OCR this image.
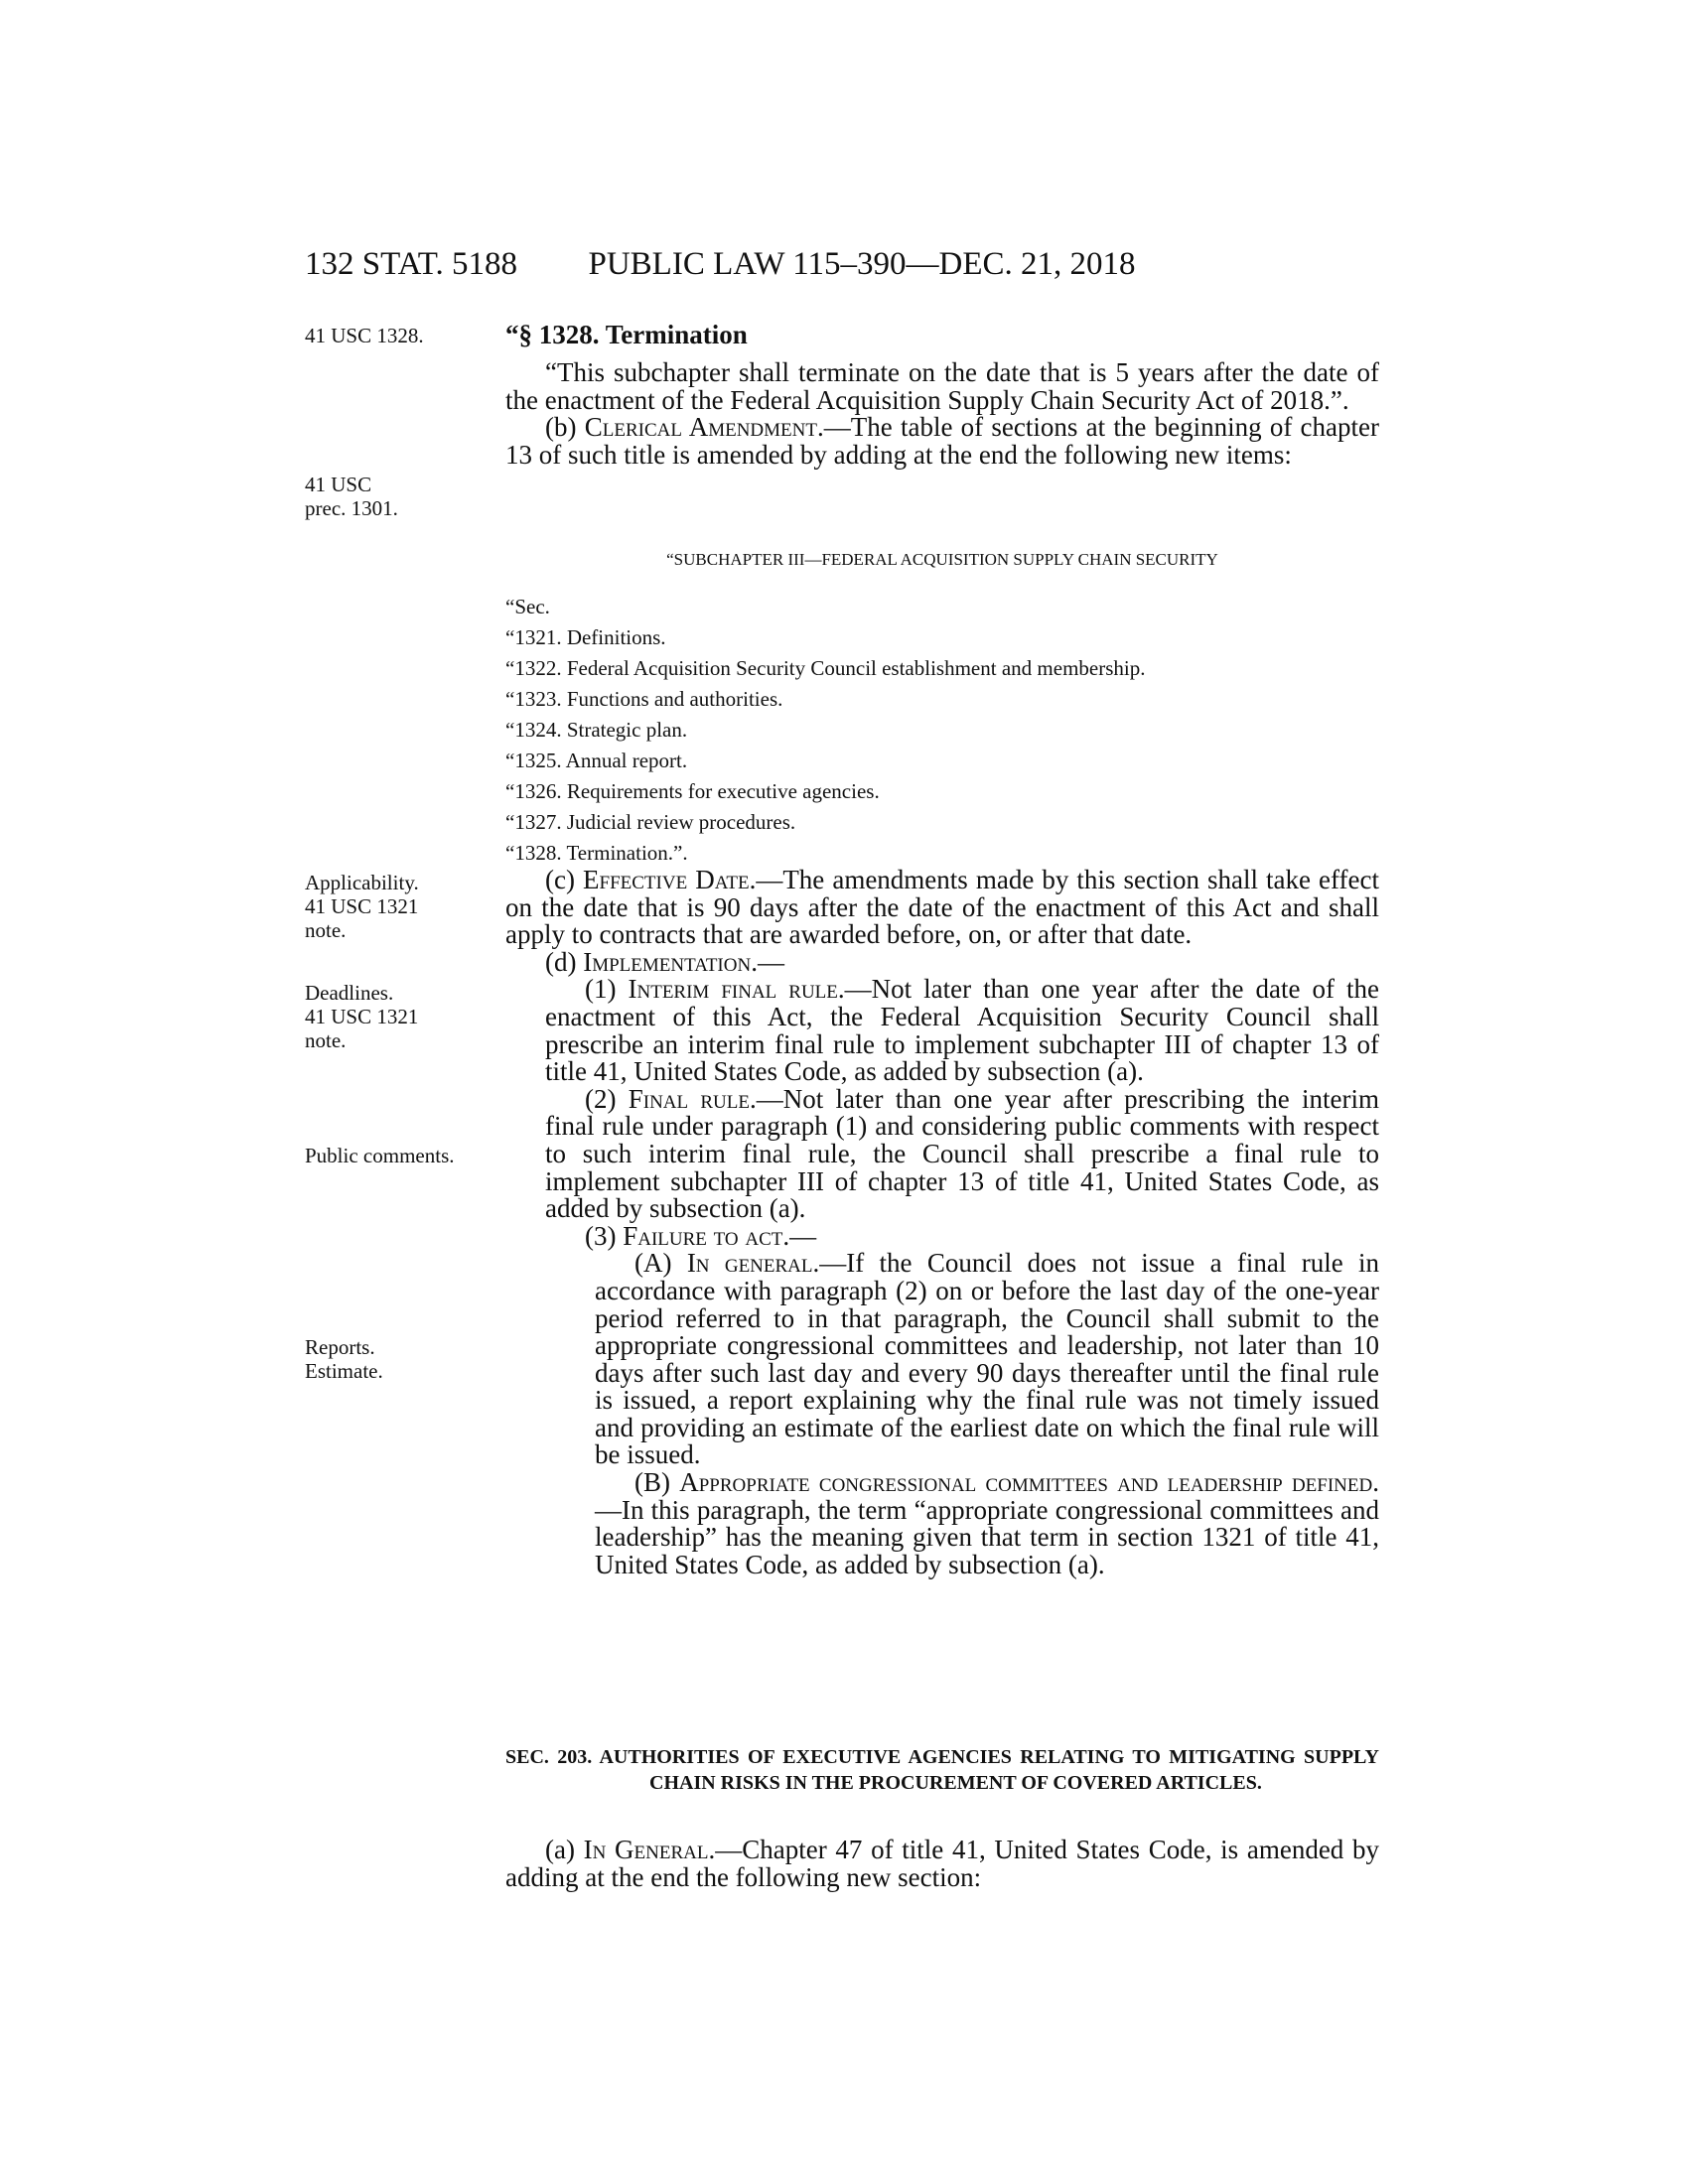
132 STAT. 5188	PUBLIC LAW 115–390—DEC. 21, 2018
41 USC 1328.
41 USC
prec. 1301.
Applicability.
41 USC 1321
note.
Deadlines.
41 USC 1321
note.
Public comments.
Reports.
Estimate.
“§ 1328. Termination

“This subchapter shall terminate on the date that is 5 years after the date of the enactment of the Federal Acquisition Supply Chain Security Act of 2018.”.

(b) Clerical Amendment.—The table of sections at the beginning of chapter 13 of such title is amended by adding at the end the following new items:

“SUBCHAPTER III—FEDERAL ACQUISITION SUPPLY CHAIN SECURITY
“Sec.
“1321. Definitions.
“1322. Federal Acquisition Security Council establishment and membership.
“1323. Functions and authorities.
“1324. Strategic plan.
“1325. Annual report.
“1326. Requirements for executive agencies.
“1327. Judicial review procedures.
“1328. Termination.”.

(c) Effective Date.—The amendments made by this section shall take effect on the date that is 90 days after the date of the enactment of this Act and shall apply to contracts that are awarded before, on, or after that date.

(d) Implementation.—

(1) Interim final rule.—Not later than one year after the date of the enactment of this Act, the Federal Acquisition Security Council shall prescribe an interim final rule to implement subchapter III of chapter 13 of title 41, United States Code, as added by subsection (a).

(2) Final rule.—Not later than one year after prescribing the interim final rule under paragraph (1) and considering public comments with respect to such interim final rule, the Council shall prescribe a final rule to implement subchapter III of chapter 13 of title 41, United States Code, as added by subsection (a).

(3) Failure to act.—

(A) In general.—If the Council does not issue a final rule in accordance with paragraph (2) on or before the last day of the one-year period referred to in that paragraph, the Council shall submit to the appropriate congressional committees and leadership, not later than 10 days after such last day and every 90 days thereafter until the final rule is issued, a report explaining why the final rule was not timely issued and providing an estimate of the earliest date on which the final rule will be issued.

(B) Appropriate congressional committees and leadership defined.—In this paragraph, the term “appropriate congressional committees and leadership” has the meaning given that term in section 1321 of title 41, United States Code, as added by subsection (a).

SEC. 203. AUTHORITIES OF EXECUTIVE AGENCIES RELATING TO MITIGATING SUPPLY CHAIN RISKS IN THE PROCUREMENT OF COVERED ARTICLES.

(a) In General.—Chapter 47 of title 41, United States Code, is amended by adding at the end the following new section:
